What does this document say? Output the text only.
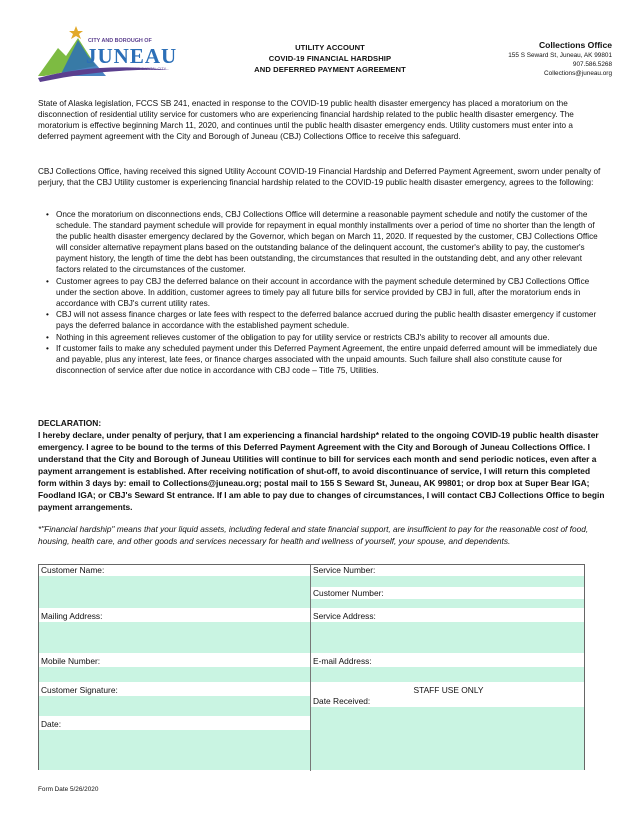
CITY AND BOROUGH OF
JUNEAU
ALASKA'S CAPITAL CITY
UTILITY ACCOUNT
COVID-19 FINANCIAL HARDSHIP
AND DEFERRED PAYMENT AGREEMENT
Collections Office
155 S Seward St, Juneau, AK 99801
907.586.5268
Collections@juneau.org

State of Alaska legislation, FCCS SB 241, enacted in response to the COVID-19 public health disaster emergency has placed a moratorium on the disconnection of residential utility service for customers who are experiencing financial hardship related to the public health disaster emergency. The moratorium is effective beginning March 11, 2020, and continues until the public health disaster emergency ends. Utility customers must enter into a deferred payment agreement with the City and Borough of Juneau (CBJ) Collections Office to receive this safeguard.

CBJ Collections Office, having received this signed Utility Account COVID-19 Financial Hardship and Deferred Payment Agreement, sworn under penalty of perjury, that the CBJ Utility customer is experiencing financial hardship related to the COVID-19 public health disaster emergency, agrees to the following:

• Once the moratorium on disconnections ends, CBJ Collections Office will determine a reasonable payment schedule and notify the customer of the schedule. The standard payment schedule will provide for repayment in equal monthly installments over a period of time no shorter than the length of the public health disaster emergency declared by the Governor, which began on March 11, 2020. If requested by the customer, CBJ Collections Office will consider alternative repayment plans based on the outstanding balance of the delinquent account, the customer's ability to pay, the customer's payment history, the length of time the debt has been outstanding, the circumstances that resulted in the outstanding debt, and any other relevant factors related to the circumstances of the customer.
• Customer agrees to pay CBJ the deferred balance on their account in accordance with the payment schedule determined by CBJ Collections Office under the section above. In addition, customer agrees to timely pay all future bills for service provided by CBJ in full, after the moratorium ends in accordance with CBJ's current utility rates.
• CBJ will not assess finance charges or late fees with respect to the deferred balance accrued during the public health disaster emergency if customer pays the deferred balance in accordance with the established payment schedule.
• Nothing in this agreement relieves customer of the obligation to pay for utility service or restricts CBJ's ability to recover all amounts due.
• If customer fails to make any scheduled payment under this Deferred Payment Agreement, the entire unpaid deferred amount will be immediately due and payable, plus any interest, late fees, or finance charges associated with the unpaid amounts. Such failure shall also constitute cause for disconnection of service after due notice in accordance with CBJ code – Title 75, Utilities.
DECLARATION:
I hereby declare, under penalty of perjury, that I am experiencing a financial hardship* related to the ongoing COVID-19 public health disaster emergency. I agree to be bound to the terms of this Deferred Payment Agreement with the City and Borough of Juneau Collections Office. I understand that the City and Borough of Juneau Utilities will continue to bill for services each month and send periodic notices, even after a payment arrangement is established. After receiving notification of shut-off, to avoid discontinuance of service, I will return this completed form within 3 days by: email to Collections@juneau.org; postal mail to 155 S Seward St, Juneau, AK 99801; or drop box at Super Bear IGA; Foodland IGA; or CBJ's Seward St entrance. If I am able to pay due to changes of circumstances, I will contact CBJ Collections Office to begin payment arrangements.

*"Financial hardship" means that your liquid assets, including federal and state financial support, are insufficient to pay for the reasonable cost of food, housing, health care, and other goods and services necessary for health and wellness of yourself, your spouse, and dependents.

Customer Name:
Mailing Address:
Mobile Number:
Customer Signature:
Date:
Service Number:
Customer Number:
Service Address:
E-mail Address:
STAFF USE ONLY
Date Received:
Form Date 5/26/2020
